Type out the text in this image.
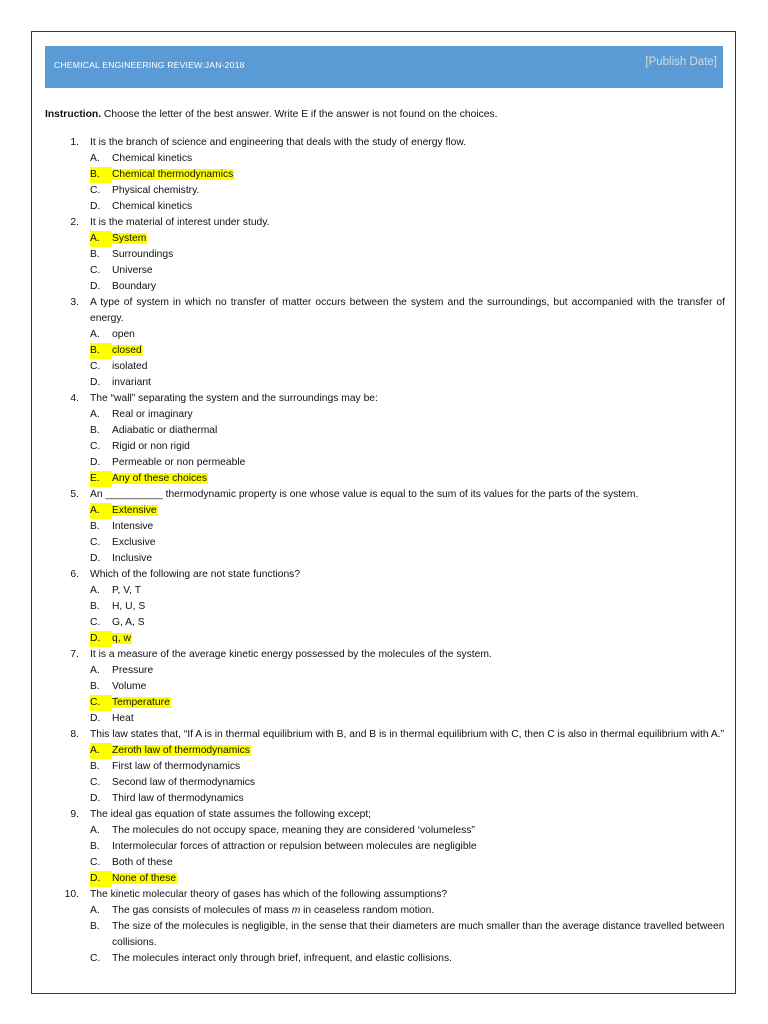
CHEMICAL ENGINEERING REVIEW:JAN-2018	[Publish Date]
Instruction. Choose the letter of the best answer. Write E if the answer is not found on the choices.
1. It is the branch of science and engineering that deals with the study of energy flow.
A.	Chemical kinetics
B.	Chemical thermodynamics
C.	Physical chemistry.
D.	Chemical kinetics
2. It is the material of interest under study.
A.	System
B.	Surroundings
C.	Universe
D.	Boundary
3. A type of system in which no transfer of matter occurs between the system and the surroundings, but accompanied with the transfer of energy.
A.	open
B.	closed
C.	isolated
D.	invariant
4. The “wall” separating the system and the surroundings may be:
A.	Real or imaginary
B.	Adiabatic or diathermal
C.	Rigid or non rigid
D.	Permeable or non permeable
E.	Any of these choices
5. An __________ thermodynamic property is one whose value is equal to the sum of its values for the parts of the system.
A.	Extensive
B.	Intensive
C.	Exclusive
D.	Inclusive
6. Which of the following are not state functions?
A.	P, V, T
B.	H, U, S
C.	G, A, S
D.	q, w
7. It is a measure of the average kinetic energy possessed by the molecules of the system.
A.	Pressure
B.	Volume
C.	Temperature
D.	Heat
8. This law states that, “If A is in thermal equilibrium with B, and B is in thermal equilibrium with C, then C is also in thermal equilibrium with A.”
A.	Zeroth law of thermodynamics
B.	First law of thermodynamics
C.	Second law of thermodynamics
D.	Third law of thermodynamics
9. The ideal gas equation of state assumes the following except;
A.	The molecules do not occupy space, meaning they are considered ‘volumeless”
B.	Intermolecular forces of attraction or repulsion between molecules are negligible
C.	Both of these
D.	None of these
10. The kinetic molecular theory of gases has which of the following assumptions?
A.	The gas consists of molecules of mass m in ceaseless random motion.
B.	The size of the molecules is negligible, in the sense that their diameters are much smaller than the average distance travelled between collisions.
C.	The molecules interact only through brief, infrequent, and elastic collisions.
